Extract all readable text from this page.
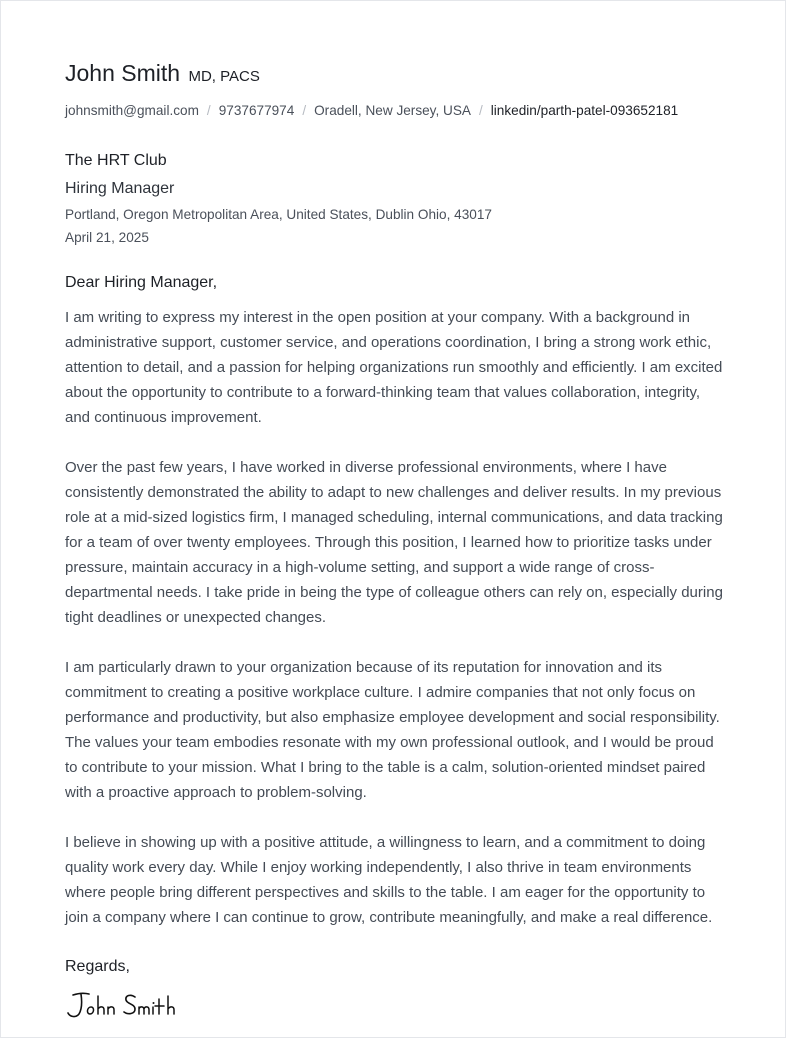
John Smith MD, PACS
johnsmith@gmail.com / 9737677974 / Oradell, New Jersey, USA / linkedin/parth-patel-093652181
The HRT Club
Hiring Manager
Portland, Oregon Metropolitan Area, United States, Dublin Ohio, 43017
April 21, 2025
Dear Hiring Manager,

I am writing to express my interest in the open position at your company. With a background in administrative support, customer service, and operations coordination, I bring a strong work ethic, attention to detail, and a passion for helping organizations run smoothly and efficiently. I am excited about the opportunity to contribute to a forward-thinking team that values collaboration, integrity, and continuous improvement.

Over the past few years, I have worked in diverse professional environments, where I have consistently demonstrated the ability to adapt to new challenges and deliver results. In my previous role at a mid-sized logistics firm, I managed scheduling, internal communications, and data tracking for a team of over twenty employees. Through this position, I learned how to prioritize tasks under pressure, maintain accuracy in a high-volume setting, and support a wide range of cross-departmental needs. I take pride in being the type of colleague others can rely on, especially during tight deadlines or unexpected changes.

I am particularly drawn to your organization because of its reputation for innovation and its commitment to creating a positive workplace culture. I admire companies that not only focus on performance and productivity, but also emphasize employee development and social responsibility. The values your team embodies resonate with my own professional outlook, and I would be proud to contribute to your mission. What I bring to the table is a calm, solution-oriented mindset paired with a proactive approach to problem-solving.

I believe in showing up with a positive attitude, a willingness to learn, and a commitment to doing quality work every day. While I enjoy working independently, I also thrive in team environments where people bring different perspectives and skills to the table. I am eager for the opportunity to join a company where I can continue to grow, contribute meaningfully, and make a real difference.

Regards,
